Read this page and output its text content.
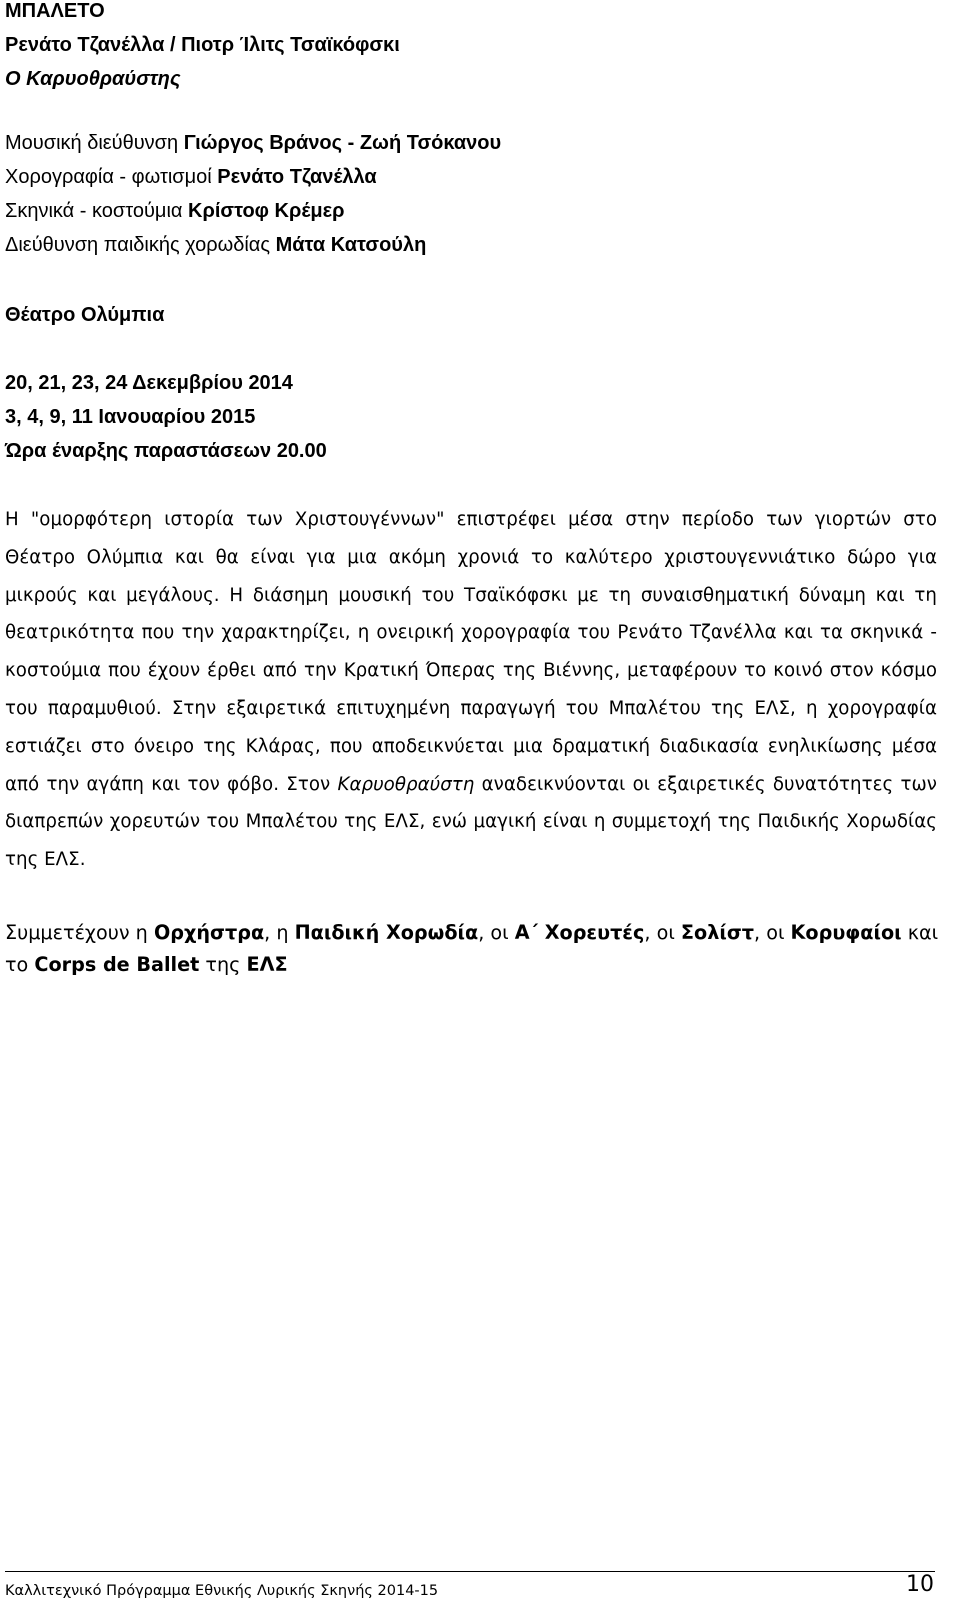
ΜΠΑΛΕΤΟ
Ρενάτο Τζανέλλα / Πιοτρ Ίλιτς Τσαϊκόφσκι
Ο Καρυοθραύστης
Μουσική διεύθυνση Γιώργος Βράνος - Ζωή Τσόκανου
Χορογραφία - φωτισμοί Ρενάτο Τζανέλλα
Σκηνικά - κοστούμια Κρίστοφ Κρέμερ
Διεύθυνση παιδικής χορωδίας Μάτα Κατσούλη
Θέατρο Ολύμπια
20, 21, 23, 24 Δεκεμβρίου 2014
3, 4, 9, 11 Ιανουαρίου 2015
Ώρα έναρξης παραστάσεων 20.00

Η "ομορφότερη ιστορία των Χριστουγέννων" επιστρέφει μέσα στην περίοδο των γιορτών στο Θέατρο Ολύμπια και θα είναι για μια ακόμη χρονιά το καλύτερο χριστουγεννιάτικο δώρο για μικρούς και μεγάλους. Η διάσημη μουσική του Τσαϊκόφσκι με τη συναισθηματική δύναμη και τη θεατρικότητα που την χαρακτηρίζει, η ονειρική χορογραφία του Ρενάτο Τζανέλλα και τα σκηνικά - κοστούμια που έχουν έρθει από την Κρατική Όπερας της Βιέννης, μεταφέρουν το κοινό στον κόσμο του παραμυθιού. Στην εξαιρετικά επιτυχημένη παραγωγή του Μπαλέτου της ΕΛΣ, η χορογραφία εστιάζει στο όνειρο της Κλάρας, που αποδεικνύεται μια δραματική διαδικασία ενηλικίωσης μέσα από την αγάπη και τον φόβο. Στον Καρυοθραύστη αναδεικνύονται οι εξαιρετικές δυνατότητες των διαπρεπών χορευτών του Μπαλέτου της ΕΛΣ, ενώ μαγική είναι η συμμετοχή της Παιδικής Χορωδίας της ΕΛΣ.

Συμμετέχουν η Ορχήστρα, η Παιδική Χορωδία, οι Α΄ Χορευτές, οι Σολίστ, οι Κορυφαίοι και το Corps de Ballet της ΕΛΣ

Καλλιτεχνικό Πρόγραμμα Εθνικής Λυρικής Σκηνής 2014-15	10
